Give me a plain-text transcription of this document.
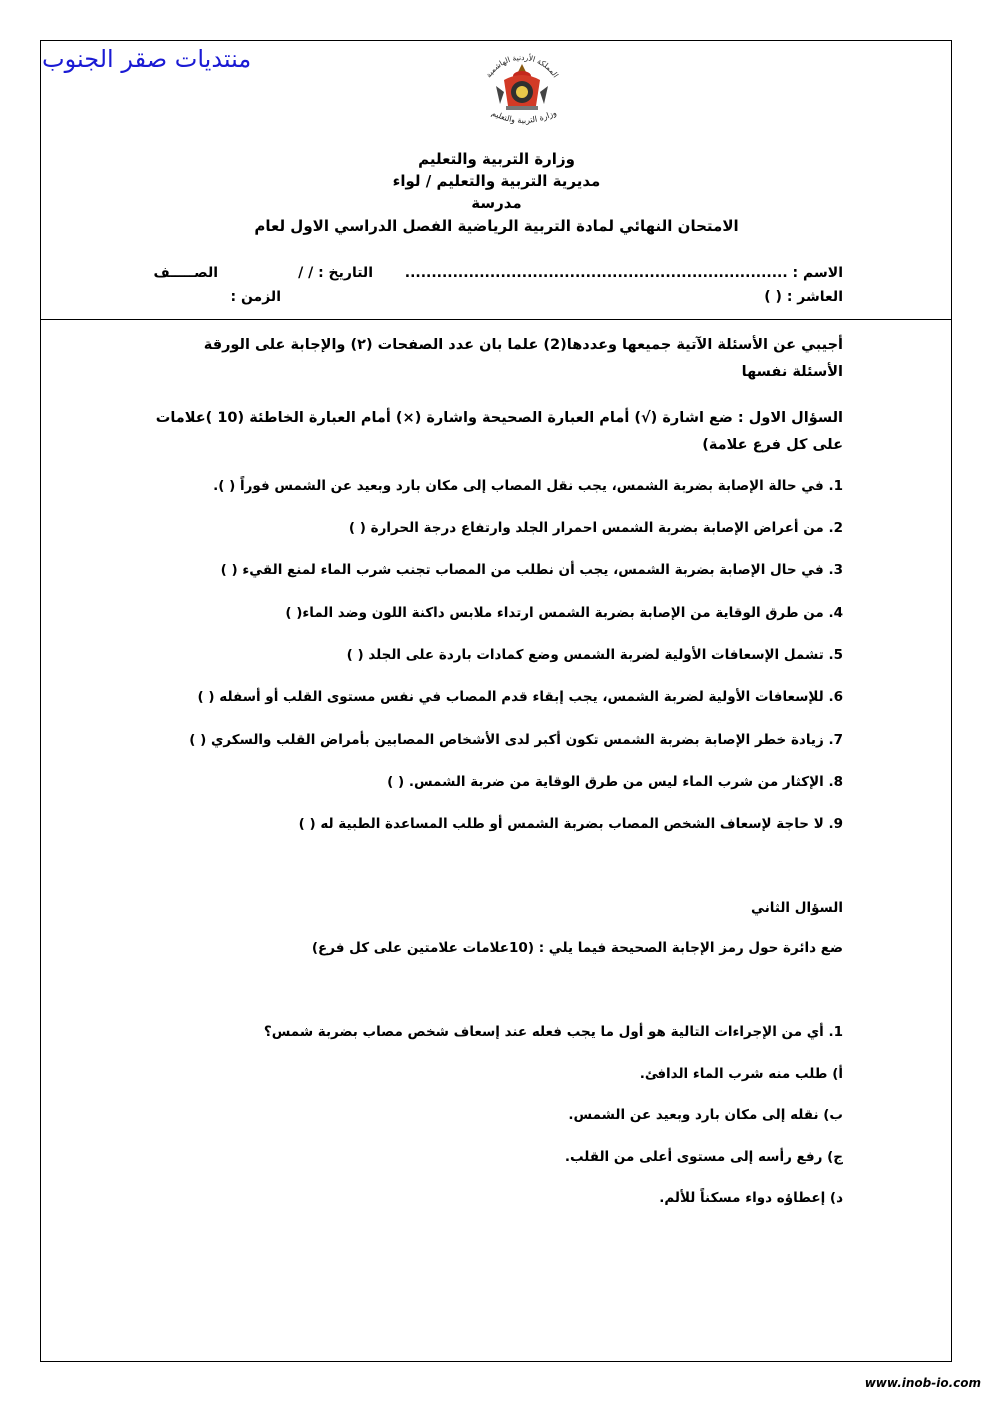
منتديات صقر الجنوب
المملكة الأردنية الهاشمية
وزارة التربية والتعليم
وزارة التربية والتعليم
مديرية التربية والتعليم / لواء
مدرسة
الامتحان النهائي لمادة التربية الرياضية الفصل الدراسي الاول لعام
الاسم : ........................................................................
التاريخ : / /
الصـــــف
العاشر : ( )
الزمن :
أجيبي عن الأسئلة الآتية جميعها وعددها(2) علما بان عدد الصفحات (٢) والإجابة على الورقة الأسئلة نفسها
السؤال الاول : ضع اشارة (√) أمام العبارة الصحيحة واشارة (×) أمام العبارة الخاطئة (10 )علامات على كل فرع علامة)
1. في حالة الإصابة بضربة الشمس، يجب نقل المصاب إلى مكان بارد وبعيد عن الشمس فوراً ( ).
2. من أعراض الإصابة بضربة الشمس احمرار الجلد وارتفاع درجة الحرارة ( )
3. في حال الإصابة بضربة الشمس، يجب أن نطلب من المصاب تجنب شرب الماء لمنع القيء ( )
4. من طرق الوقاية من الإصابة بضربة الشمس ارتداء ملابس داكنة اللون وضد الماء( )
5. تشمل الإسعافات الأولية لضربة الشمس وضع كمادات باردة على الجلد ( )
6. للإسعافات الأولية لضربة الشمس، يجب إبقاء قدم المصاب في نفس مستوى القلب أو أسفله ( )
7. زيادة خطر الإصابة بضربة الشمس تكون أكبر لدى الأشخاص المصابين بأمراض القلب والسكري ( )
8. الإكثار من شرب الماء ليس من طرق الوقاية من ضربة الشمس. ( )
9. لا حاجة لإسعاف الشخص المصاب بضربة الشمس أو طلب المساعدة الطبية له ( )
السؤال الثاني
ضع دائرة حول رمز الإجابة الصحيحة فيما يلي : (10علامات علامتين على كل فرع)
1. أي من الإجراءات التالية هو أول ما يجب فعله عند إسعاف شخص مصاب بضربة شمس؟
أ) طلب منه شرب الماء الدافئ.
ب) نقله إلى مكان بارد وبعيد عن الشمس.
ج) رفع رأسه إلى مستوى أعلى من القلب.
د) إعطاؤه دواء مسكناً للألم.
www.inob-io.com
